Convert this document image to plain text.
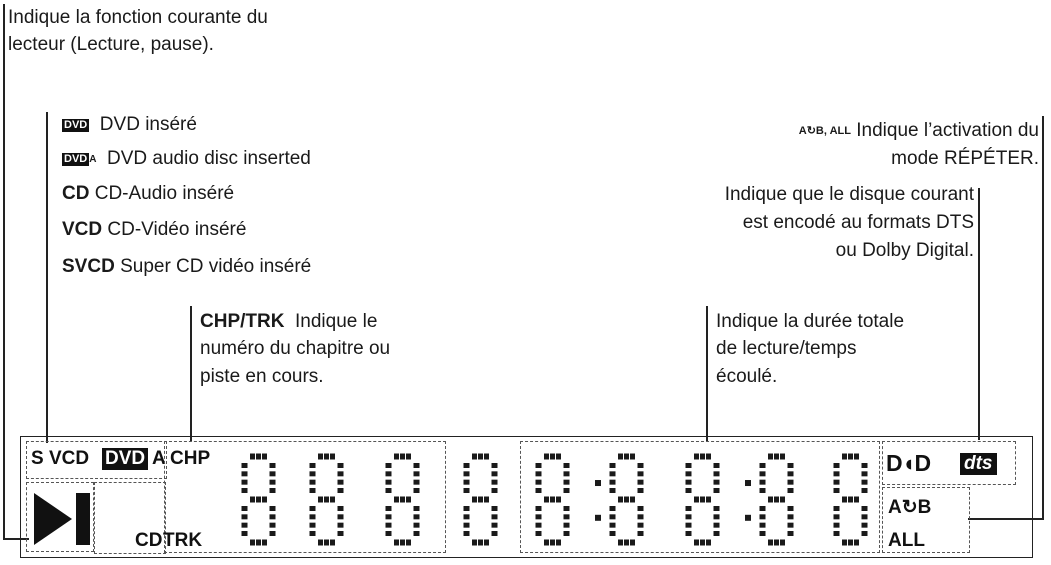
Indique la fonction courante du
lecteur (Lecture, pause).
DVD DVD inséré
DVD A DVD audio disc inserted
CD CD-Audio inséré
VCD CD-Vidéo inséré
SVCD Super CD vidéo inséré
CHP/TRK Indique le
numéro du chapitre ou
piste en cours.
Indique la durée totale
de lecture/temps
écoulé.
A↻B, ALL Indique l’activation du
mode RÉPÉTER.
Indique que le disque courant
est encodé au formats DTS
ou Dolby Digital.
S VCD DVD A CHP
CD TRK
D◖D dts
A↻B
ALL
